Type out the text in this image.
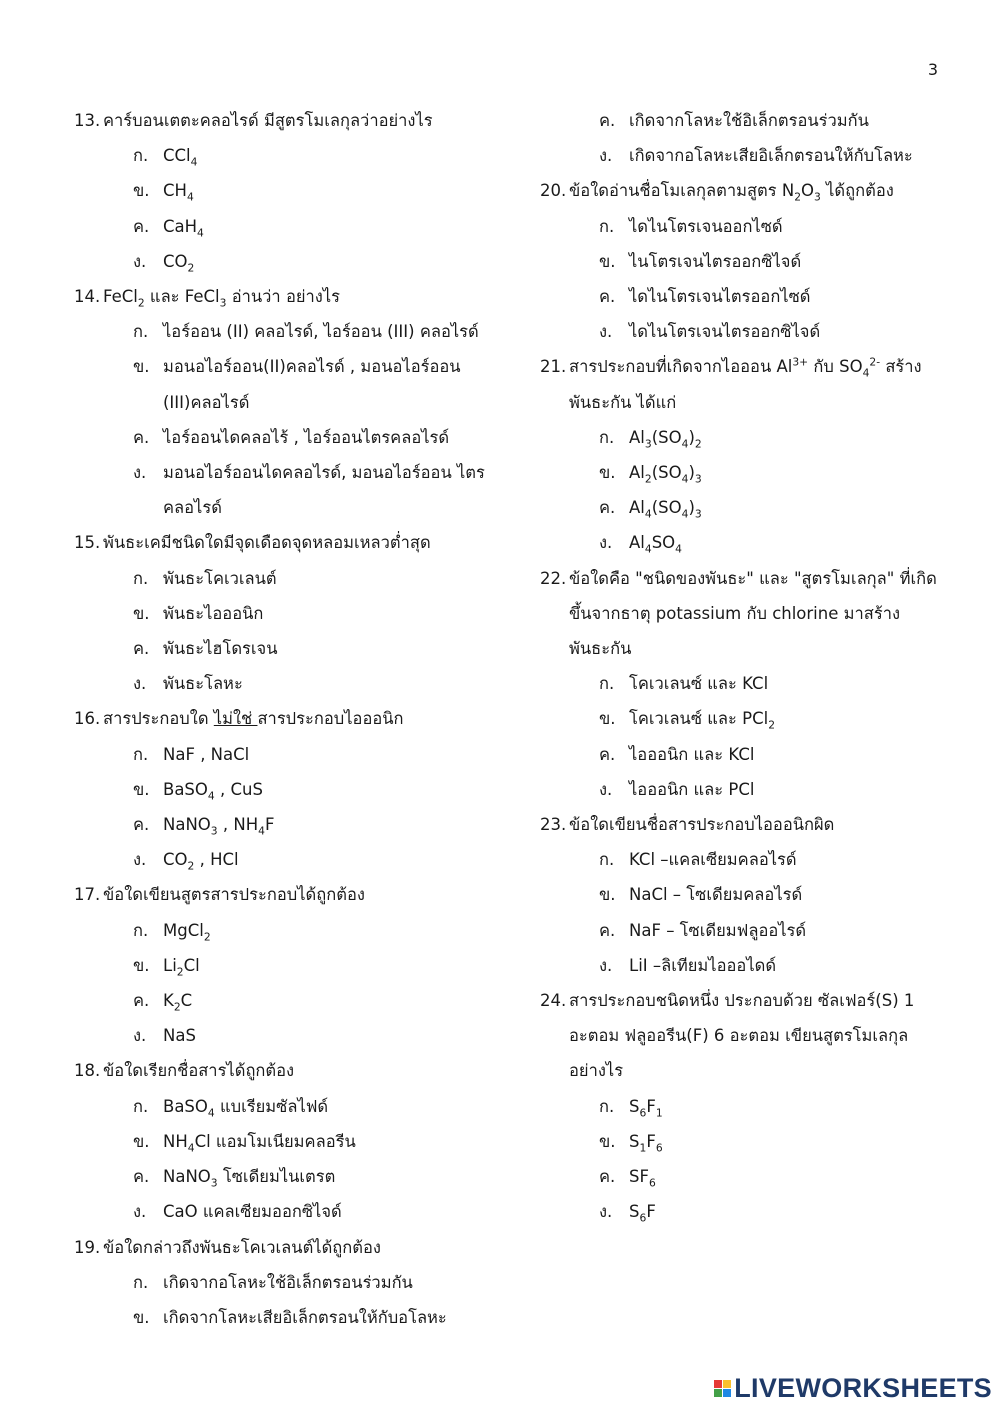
3
13. คาร์บอนเตตะคลอไรด์ มีสูตรโมเลกุลว่าอย่างไร
ก. CCl$_4$
ข. $CH_4$
ค. CaH$_4$
ง. $CO_2$
14. FeCl$_2$ และ FeCl$_3$ อ่านว่า อย่างไร
ก. ไอร์ออน (II) คลอไรด์, ไอร์ออน (III) คลอไรด์
ข. มอนอไอร์ออน(II)คลอไรด์ , มอนอไอร์ออน (III)คลอไรด์
ค. ไอร์ออนไดคลอไร้ , ไอร์ออนไตรคลอไรด์
ง. มอนอไอร์ออนไดคลอไรด์, มอนอไอร์ออน ไตรคลอไรด์
15. พันธะเคมีชนิดใดมีจุดเดือดจุดหลอมเหลวต่ำสุด
ก. พันธะโคเวเลนต์
ข. พันธะไอออนิก
ค. พันธะไฮโดรเจน
ง. พันธะโลหะ
16. สารประกอบใด ไม่ใช่ สารประกอบไอออนิก
ก. NaF , NaCl
ข. BaSO$_4$ , CuS
ค. NaNO$_3$ , $NH_4F$
ง. $CO_2$ , HCl
17. ข้อใดเขียนสูตรสารประกอบได้ถูกต้อง
ก. MgCl$_2$
ข. $Li_2Cl$
ค. $K_2C$
ง. NaS
18. ข้อใดเรียกชื่อสารได้ถูกต้อง
ก. BaSO$_4$ แบเรียมซัลไฟด์
ข. $NH_4Cl$ แอมโมเนียมคลอรีน
ค. NaNO$_3$ โซเดียมไนเตรต
ง. CaO แคลเซียมออกซิไจด์
19. ข้อใดกล่าวถึงพันธะโคเวเลนต์ได้ถูกต้อง
ก. เกิดจากอโลหะใช้อิเล็กตรอนร่วมกัน
ข. เกิดจากโลหะเสียอิเล็กตรอนให้กับอโลหะ
ค. เกิดจากโลหะใช้อิเล็กตรอนร่วมกัน
ง. เกิดจากอโลหะเสียอิเล็กตรอนให้กับโลหะ
20. ข้อใดอ่านชื่อโมเลกุลตามสูตร $N_2O_3$ ได้ถูกต้อง
ก. ไดไนโตรเจนออกไซด์
ข. ไนโตรเจนไตรออกซิไจด์
ค. ไดไนโตรเจนไตรออกไซด์
ง. ไดไนโตรเจนไตรออกซิไจด์
21. สารประกอบที่เกิดจากไอออน $Al^{3+}$ กับ $SO_4^{2-}$ สร้างพันธะกัน ได้แก่
ก. $Al_3(SO_4)_2$
ข. $Al_2(SO_4)_3$
ค. $Al_4(SO_4)_3$
ง. $Al_4SO_4$
22. ข้อใดคือ "ชนิดของพันธะ" และ "สูตรโมเลกุล" ที่เกิดขึ้นจากธาตุ potassium กับ chlorine มาสร้างพันธะกัน
ก. โคเวเลนซ์ และ KCl
ข. โคเวเลนซ์ และ PCl$_2$
ค. ไอออนิก และ KCl
ง. ไอออนิก และ PCl
23. ข้อใดเขียนชื่อสารประกอบไอออนิกผิด
ก. KCl –แคลเซียมคลอไรด์
ข. NaCl – โซเดียมคลอไรด์
ค. NaF – โซเดียมฟลูออไรด์
ง. LiI –ลิเทียมไอออไดด์
24. สารประกอบชนิดหนึ่ง ประกอบด้วย ซัลเฟอร์(S) 1 อะตอม ฟลูออรีน(F) 6 อะตอม เขียนสูตรโมเลกุลอย่างไร
ก. $S_6F_1$
ข. $S_1F_6$
ค. $SF_6$
ง. $S_6F$
LIVEWORKSHEETS
